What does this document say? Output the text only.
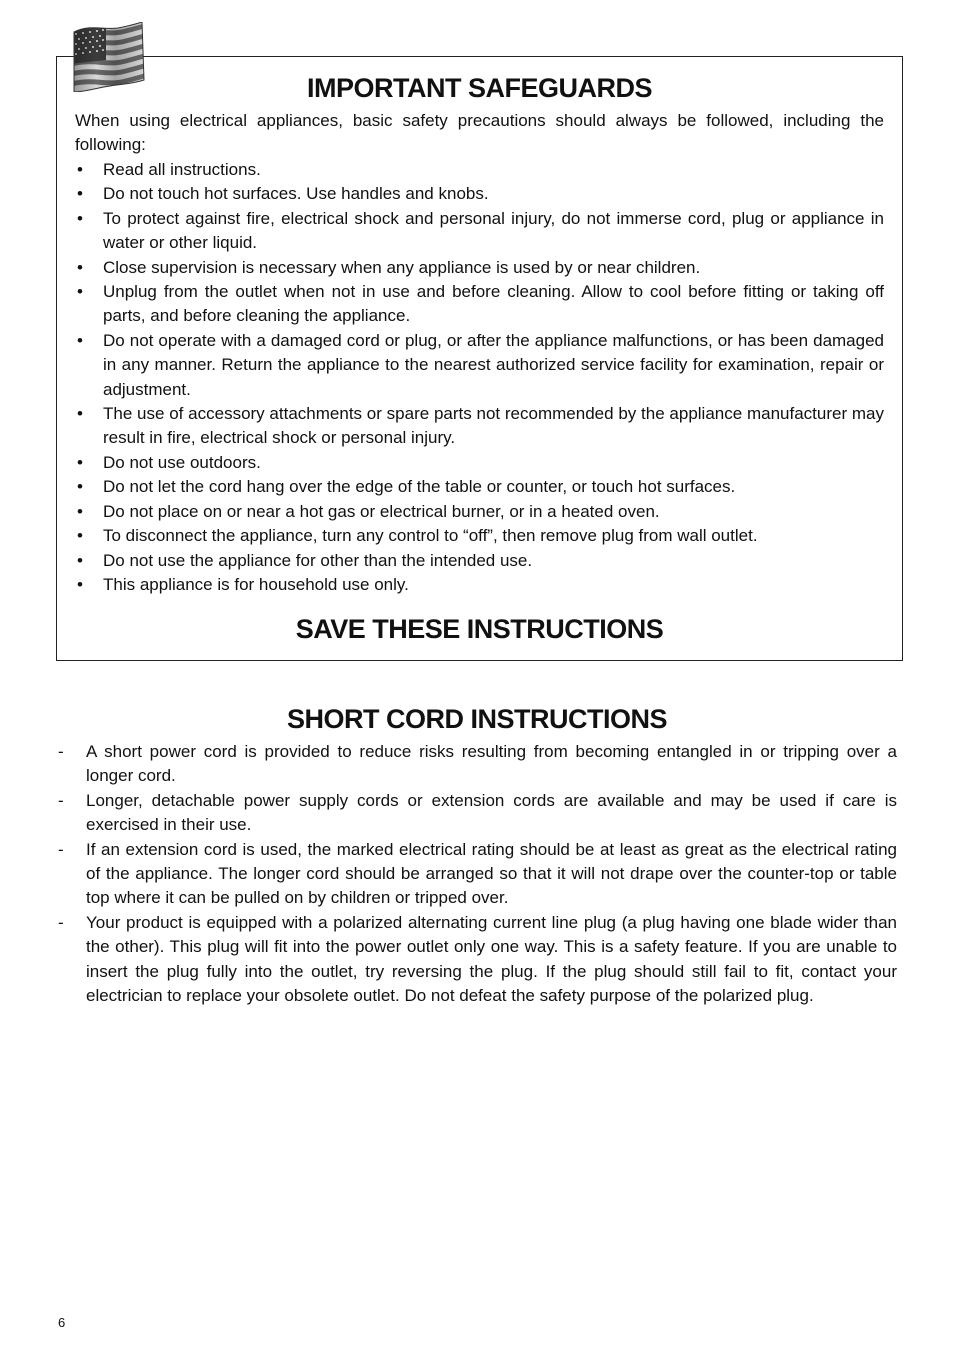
IMPORTANT SAFEGUARDS

When using electrical appliances, basic safety precautions should always be followed, including the following:

• Read all instructions.
• Do not touch hot surfaces. Use handles and knobs.
• To protect against fire, electrical shock and personal injury, do not immerse cord, plug or appliance in water or other liquid.
• Close supervision is necessary when any appliance is used by or near children.
• Unplug from the outlet when not in use and before cleaning. Allow to cool before fitting or taking off parts, and before cleaning the appliance.
• Do not operate with a damaged cord or plug, or after the appliance malfunctions, or has been damaged in any manner. Return the appliance to the nearest authorized service facility for examination, repair or adjustment.
• The use of accessory attachments or spare parts not recommended by the appliance manufacturer may result in fire, electrical shock or personal injury.
• Do not use outdoors.
• Do not let the cord hang over the edge of the table or counter, or touch hot surfaces.
• Do not place on or near a hot gas or electrical burner, or in a heated oven.
• To disconnect the appliance, turn any control to “off”, then remove plug from wall outlet.
• Do not use the appliance for other than the intended use.
• This appliance is for household use only.
SAVE THESE INSTRUCTIONS
SHORT CORD INSTRUCTIONS
- A short power cord is provided to reduce risks resulting from becoming entangled in or tripping over a longer cord.
- Longer, detachable power supply cords or extension cords are available and may be used if care is exercised in their use.
- If an extension cord is used, the marked electrical rating should be at least as great as the electrical rating of the appliance. The longer cord should be arranged so that it will not drape over the counter-top or table top where it can be pulled on by children or tripped over.
- Your product is equipped with a polarized alternating current line plug (a plug having one blade wider than the other). This plug will fit into the power outlet only one way. This is a safety feature. If you are unable to insert the plug fully into the outlet, try reversing the plug. If the plug should still fail to fit, contact your electrician to replace your obsolete outlet. Do not defeat the safety purpose of the polarized plug.
6
